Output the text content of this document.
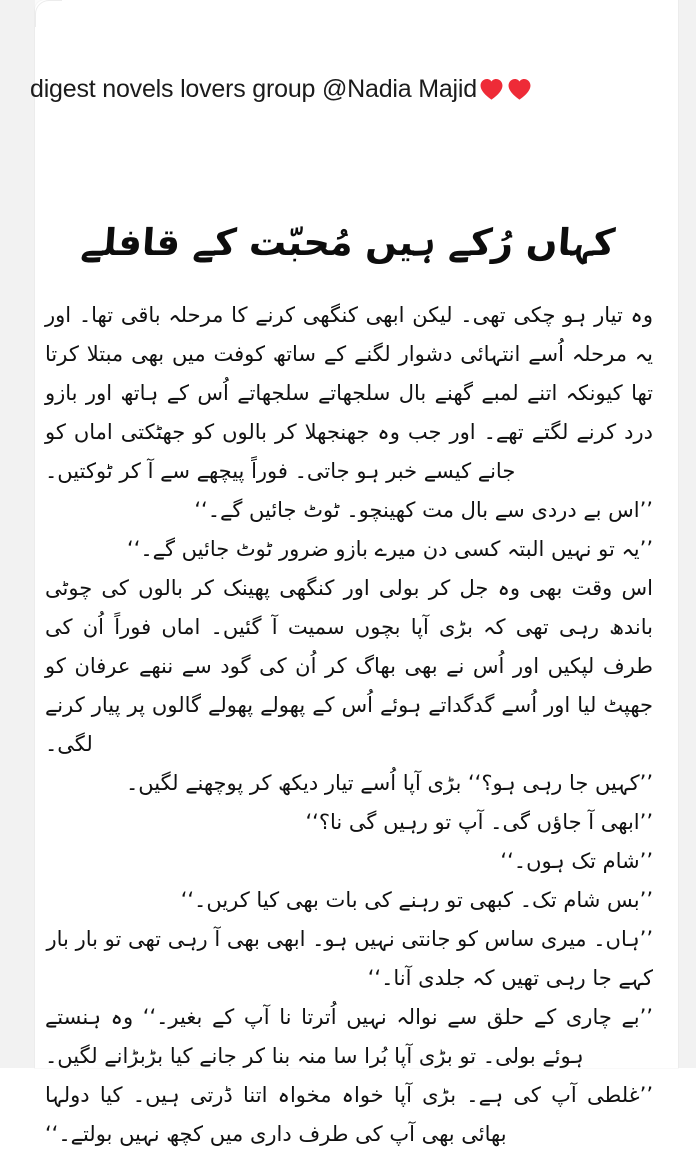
digest novels lovers group @Nadia Majid
کہاں رُکے ہیں مُحبّت کے قافلے

وہ تیار ہو چکی تھی۔ لیکن ابھی کنگھی کرنے کا مرحلہ باقی تھا۔ اور یہ مرحلہ اُسے انتہائی دشوار لگنے کے ساتھ کوفت میں بھی مبتلا کرتا تھا کیونکہ اتنے لمبے گھنے بال سلجھاتے سلجھاتے اُس کے ہاتھ اور بازو درد کرنے لگتے تھے۔ اور جب وہ جھنجھلا کر بالوں کو جھٹکتی اماں کو جانے کیسے خبر ہو جاتی۔ فوراً پیچھے سے آ کر ٹوکتیں۔

’’اس بے دردی سے بال مت کھینچو۔ ٹوٹ جائیں گے۔‘‘

’’یہ تو نہیں البتہ کسی دن میرے بازو ضرور ٹوٹ جائیں گے۔‘‘

اس وقت بھی وہ جل کر بولی اور کنگھی پھینک کر بالوں کی چوٹی باندھ رہی تھی کہ بڑی آپا بچوں سمیت آ گئیں۔ اماں فوراً اُن کی طرف لپکیں اور اُس نے بھی بھاگ کر اُن کی گود سے ننھے عرفان کو جھپٹ لیا اور اُسے گدگداتے ہوئے اُس کے پھولے پھولے گالوں پر پیار کرنے لگی۔

’’کہیں جا رہی ہو؟‘‘ بڑی آپا اُسے تیار دیکھ کر پوچھنے لگیں۔

’’ابھی آ جاؤں گی۔ آپ تو رہیں گی نا؟‘‘

’’شام تک ہوں۔‘‘

’’بس شام تک۔ کبھی تو رہنے کی بات بھی کیا کریں۔‘‘

’’ہاں۔ میری ساس کو جانتی نہیں ہو۔ ابھی بھی آ رہی تھی تو بار بار کہے جا رہی تھیں کہ جلدی آنا۔‘‘

’’بے چاری کے حلق سے نوالہ نہیں اُترتا نا آپ کے بغیر۔‘‘ وہ ہنستے ہوئے بولی۔ تو بڑی آپا بُرا سا منہ بنا کر جانے کیا بڑبڑانے لگیں۔

’’غلطی آپ کی ہے۔ بڑی آپا خواہ مخواہ اتنا ڈرتی ہیں۔ کیا دولہا بھائی بھی آپ کی طرف داری میں کچھ نہیں بولتے۔‘‘
